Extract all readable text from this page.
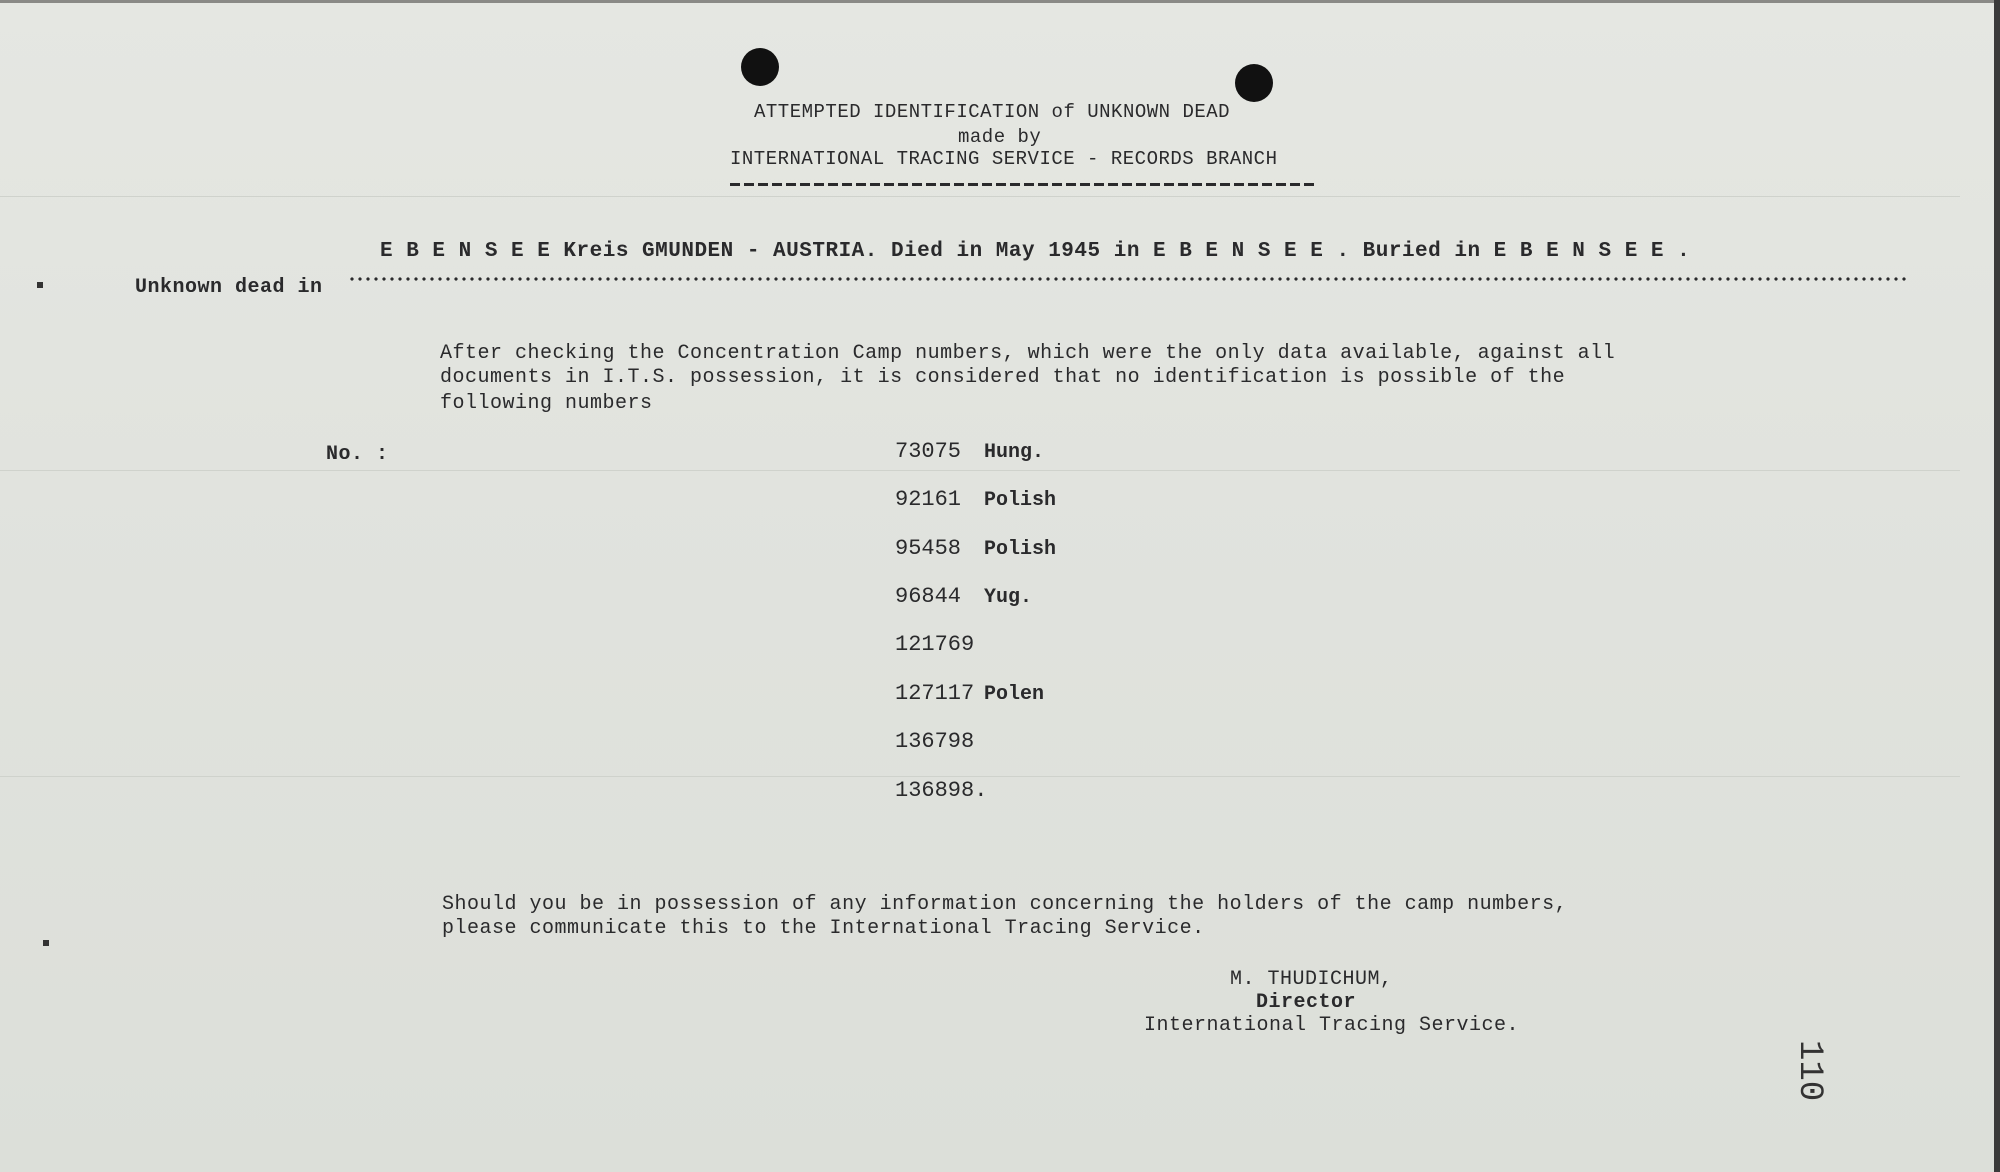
ATTEMPTED IDENTIFICATION of UNKNOWN DEAD
made by
INTERNATIONAL TRACING SERVICE - RECORDS BRANCH
E B E N S E E Kreis GMUNDEN - AUSTRIA. Died in May 1945 in E B E N S E E . Buried in E B E N S E E .
Unknown dead in
After checking the Concentration Camp numbers, which were the only data available, against all
documents in I.T.S. possession, it is considered that no identification is possible of the
following numbers
No. :	73075 Hung.
92161 Polish
95458 Polish
96844 Yug.
121769
127117 Polen
136798
136898.
Should you be in possession of any information concerning the holders of the camp numbers,
please communicate this to the International Tracing Service.
M. THUDICHUM,
Director
International Tracing Service.
110
